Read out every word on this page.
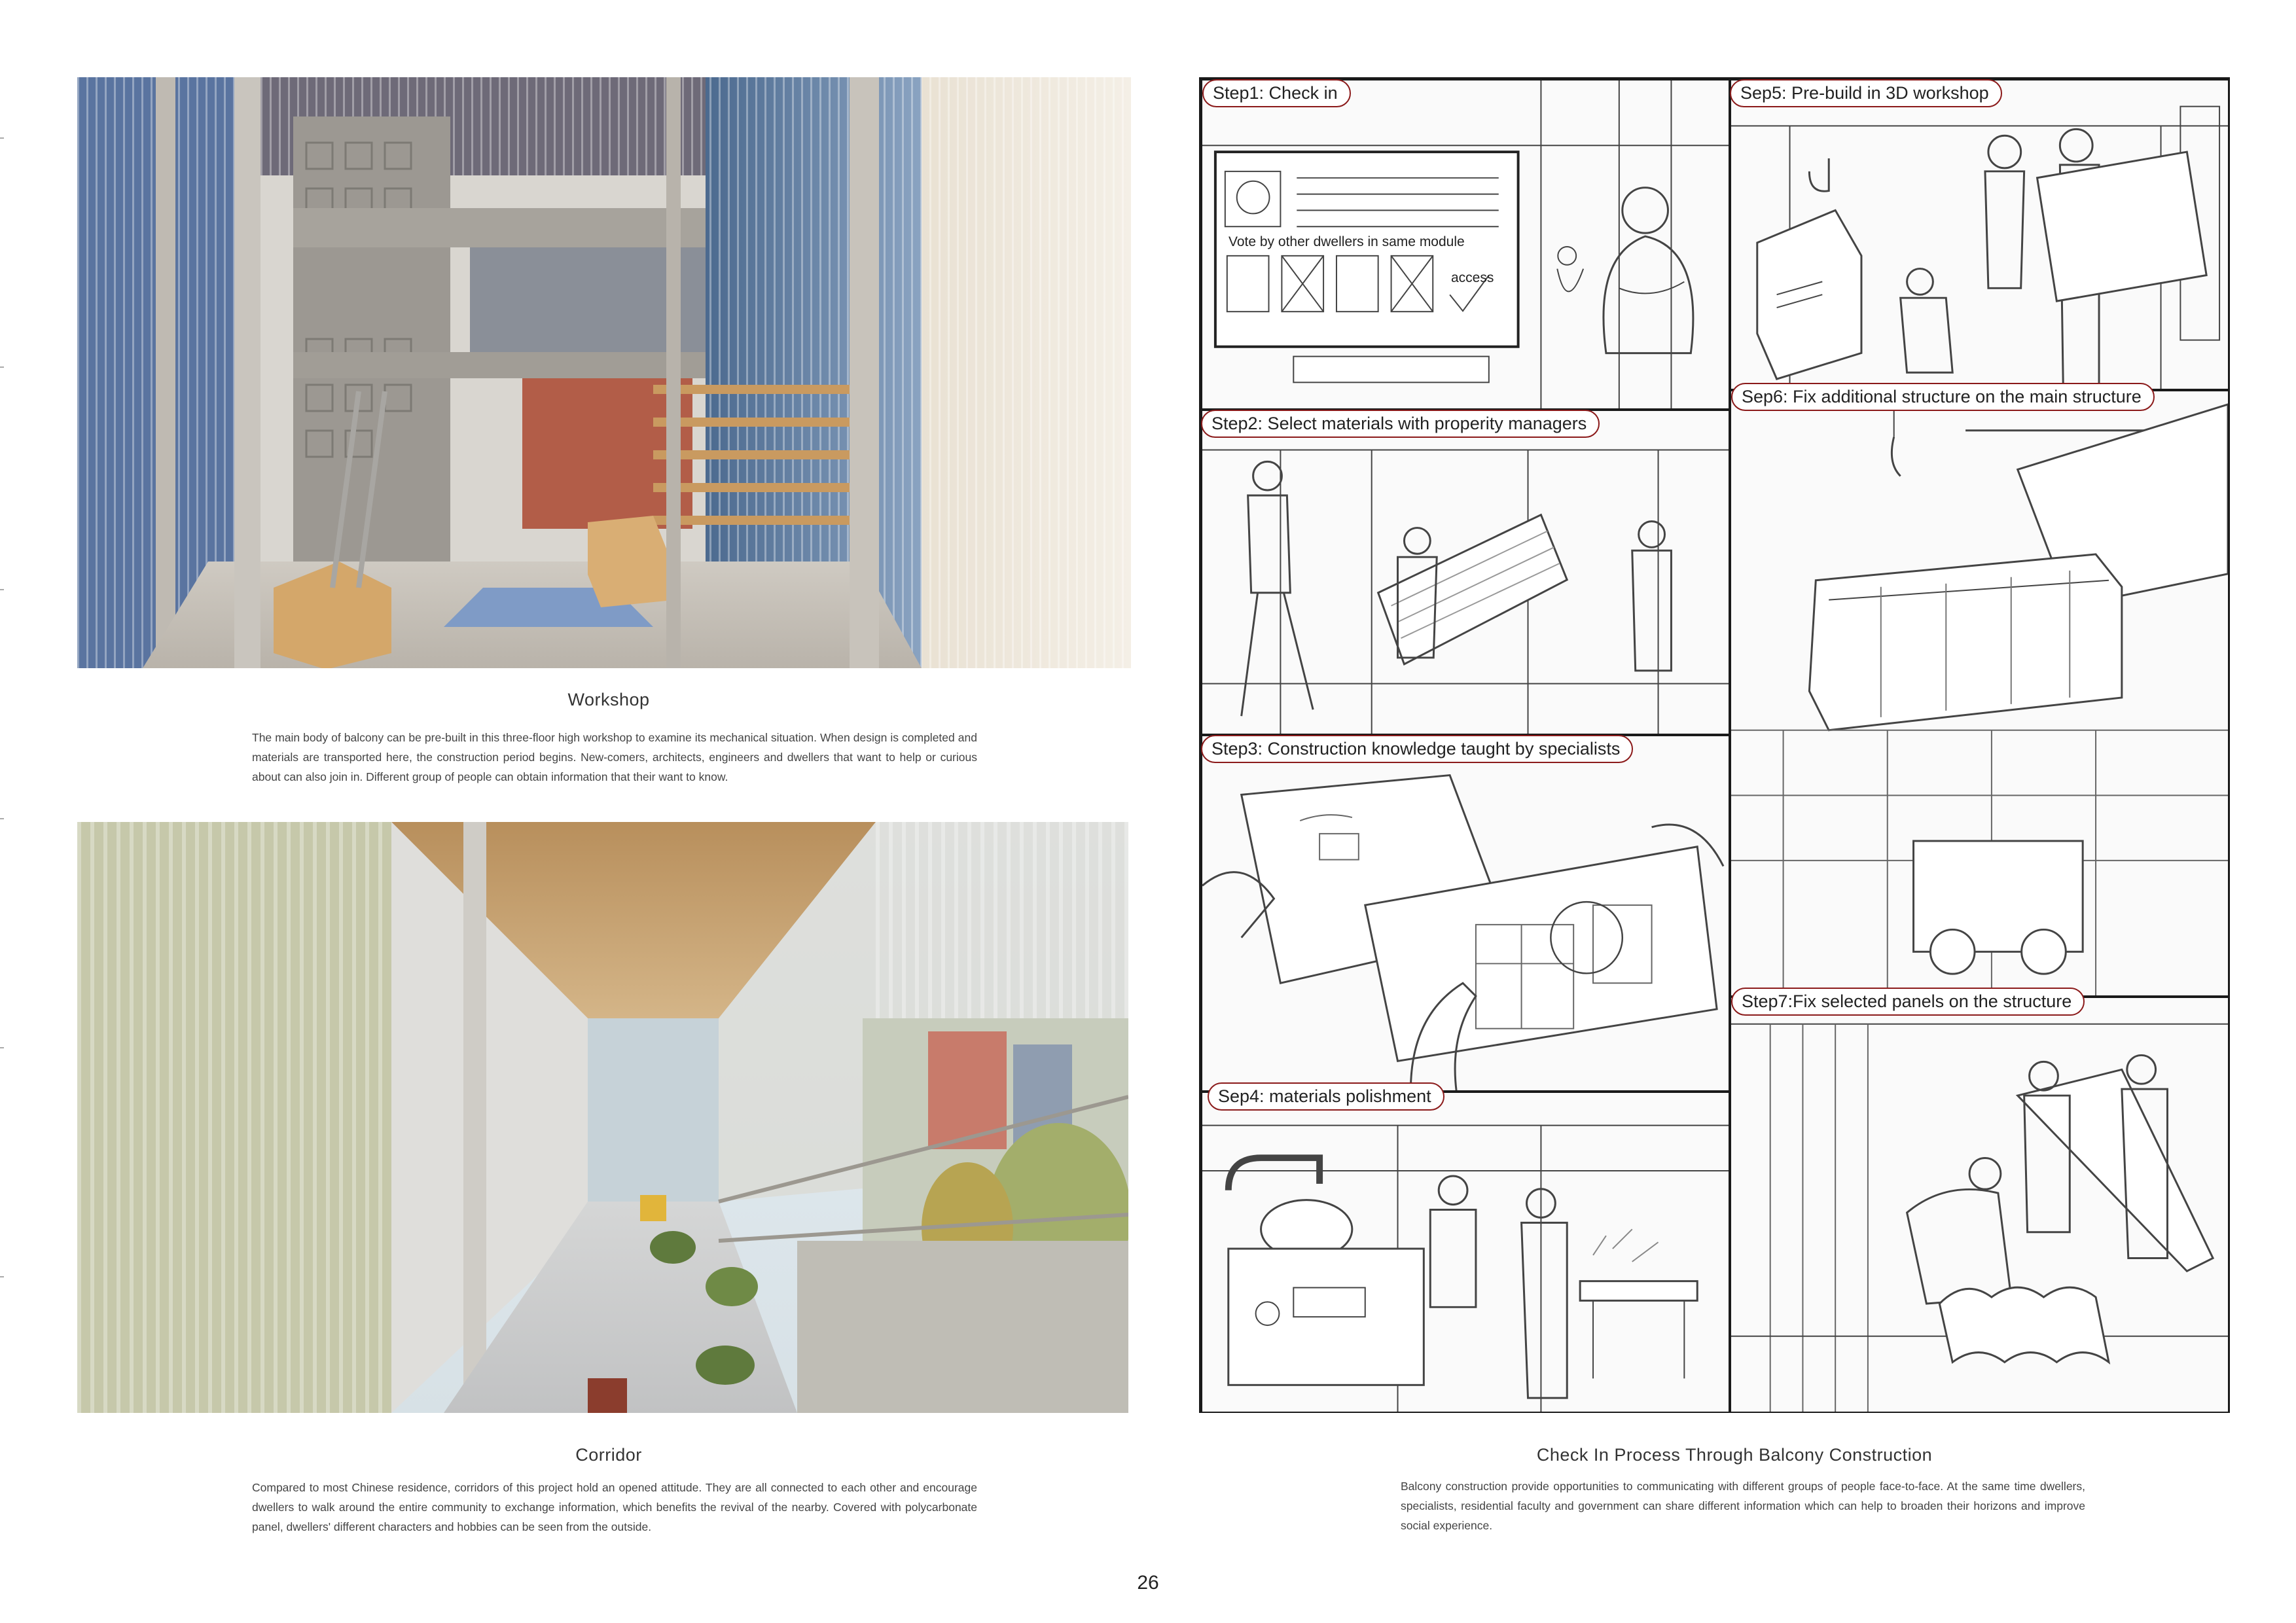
Workshop
The main body of balcony can be pre-built in this three-floor high workshop to examine its mechanical situation. When design is completed and materials are transported here, the construction period begins. New-comers, architects, engineers and dwellers that want to help or curious about can also join in. Different group of people can obtain information that their want to know.
Corridor
Compared to most Chinese residence, corridors of this project hold an opened attitude. They are all connected to each other and encourage dwellers to walk around the entire community to exchange information, which benefits the revival of the nearby. Covered with polycarbonate panel, dwellers' different characters and hobbies can be seen from the outside.
Vote by other dwellers in same module
access
Step1: Check in
Step2: Select materials with properity managers
Step3: Construction knowledge taught by specialists
Sep4: materials polishment
Sep5: Pre-build in 3D workshop
Sep6: Fix additional structure on the main structure
Step7:Fix selected panels on the structure
Check In Process Through Balcony Construction
Balcony construction provide opportunities to communicating with different groups of people face-to-face. At the same time dwellers, specialists, residential faculty and government can share different information which can help to broaden their horizons and improve social experience.
26
